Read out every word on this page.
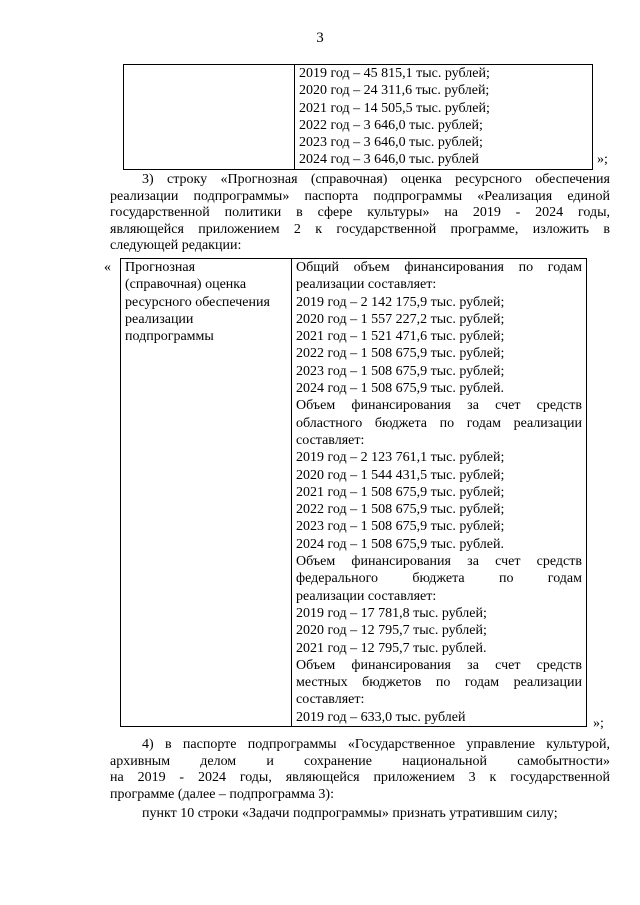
3

2019 год – 45 815,1 тыс. рублей;
2020 год – 24 311,6 тыс. рублей;
2021 год – 14 505,5 тыс. рублей;
2022 год – 3 646,0 тыс. рублей;
2023 год – 3 646,0 тыс. рублей;
2024 год – 3 646,0 тыс. рублей	»;
3) строку «Прогнозная (справочная) оценка ресурсного обеспечения
реализации подпрограммы» паспорта подпрограммы «Реализация единой
государственной политики в сфере культуры» на 2019 - 2024 годы,
являющейся приложением 2 к государственной программе, изложить в
следующей редакции:
« Прогнозная
(справочная) оценка
ресурсного обеспечения
реализации
подпрограммы

Общий объем финансирования по годам
реализации составляет:
2019 год – 2 142 175,9 тыс. рублей;
2020 год – 1 557 227,2 тыс. рублей;
2021 год – 1 521 471,6 тыс. рублей;
2022 год – 1 508 675,9 тыс. рублей;
2023 год – 1 508 675,9 тыс. рублей;
2024 год – 1 508 675,9 тыс. рублей.
Объем финансирования за счет средств
областного бюджета по годам реализации
составляет:
2019 год – 2 123 761,1 тыс. рублей;
2020 год – 1 544 431,5 тыс. рублей;
2021 год – 1 508 675,9 тыс. рублей;
2022 год – 1 508 675,9 тыс. рублей;
2023 год – 1 508 675,9 тыс. рублей;
2024 год – 1 508 675,9 тыс. рублей.
Объем финансирования за счет средств
федерального бюджета по годам
реализации составляет:
2019 год – 17 781,8 тыс. рублей;
2020 год – 12 795,7 тыс. рублей;
2021 год – 12 795,7 тыс. рублей.
Объем финансирования за счет средств
местных бюджетов по годам реализации
составляет:
2019 год – 633,0 тыс. рублей	»;
4) в паспорте подпрограммы «Государственное управление культурой,
архивным делом и сохранение национальной самобытности»
на 2019 - 2024 годы, являющейся приложением 3 к государственной
программе (далее – подпрограмма 3):
пункт 10 строки «Задачи подпрограммы» признать утратившим силу;
